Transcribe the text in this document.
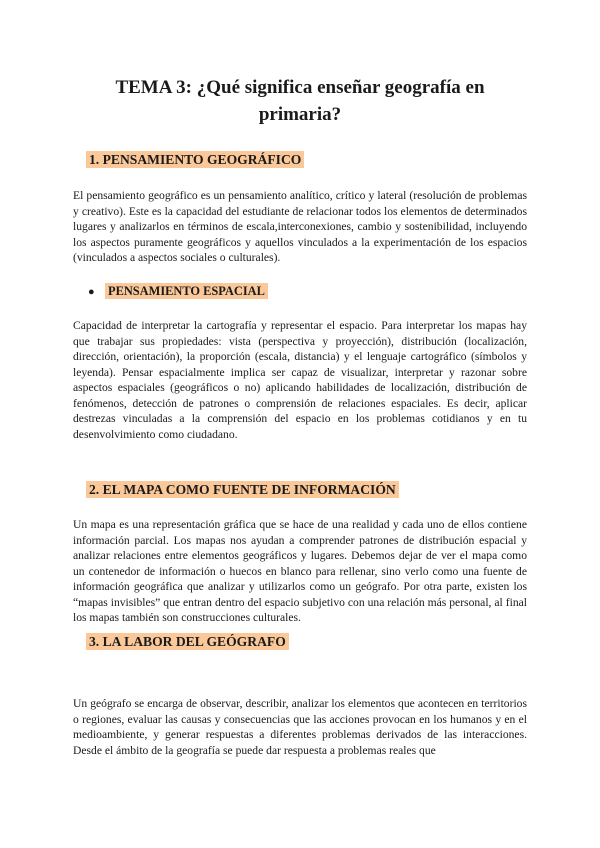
TEMA 3: ¿Qué significa enseñar geografía en primaria?
1. PENSAMIENTO GEOGRÁFICO

El pensamiento geográfico es un pensamiento analítico, crítico y lateral (resolución de problemas y creativo). Este es la capacidad del estudiante de relacionar todos los elementos de determinados lugares y analizarlos en términos de escala,interconexiones, cambio y sostenibilidad, incluyendo los aspectos puramente geográficos y aquellos vinculados a la experimentación de los espacios (vinculados a aspectos sociales o culturales).

● PENSAMIENTO ESPACIAL

Capacidad de interpretar la cartografía y representar el espacio. Para interpretar los mapas hay que trabajar sus propiedades: vista (perspectiva y proyección), distribución (localización, dirección, orientación), la proporción (escala, distancia) y el lenguaje cartográfico (símbolos y leyenda). Pensar espacialmente implica ser capaz de visualizar, interpretar y razonar sobre aspectos espaciales (geográficos o no) aplicando habilidades de localización, distribución de fenómenos, detección de patrones o comprensión de relaciones espaciales. Es decir, aplicar destrezas vinculadas a la comprensión del espacio en los problemas cotidianos y en tu desenvolvimiento como ciudadano.

2. EL MAPA COMO FUENTE DE INFORMACIÓN

Un mapa es una representación gráfica que se hace de una realidad y cada uno de ellos contiene información parcial. Los mapas nos ayudan a comprender patrones de distribución espacial y analizar relaciones entre elementos geográficos y lugares. Debemos dejar de ver el mapa como un contenedor de información o huecos en blanco para rellenar, sino verlo como una fuente de información geográfica que analizar y utilizarlos como un geógrafo. Por otra parte, existen los “mapas invisibles” que entran dentro del espacio subjetivo con una relación más personal, al final los mapas también son construcciones culturales.

3. LA LABOR DEL GEÓGRAFO

Un geógrafo se encarga de observar, describir, analizar los elementos que acontecen en territorios o regiones, evaluar las causas y consecuencias que las acciones provocan en los humanos y en el medioambiente, y generar respuestas a diferentes problemas derivados de las interacciones. Desde el ámbito de la geografía se puede dar respuesta a problemas reales que
